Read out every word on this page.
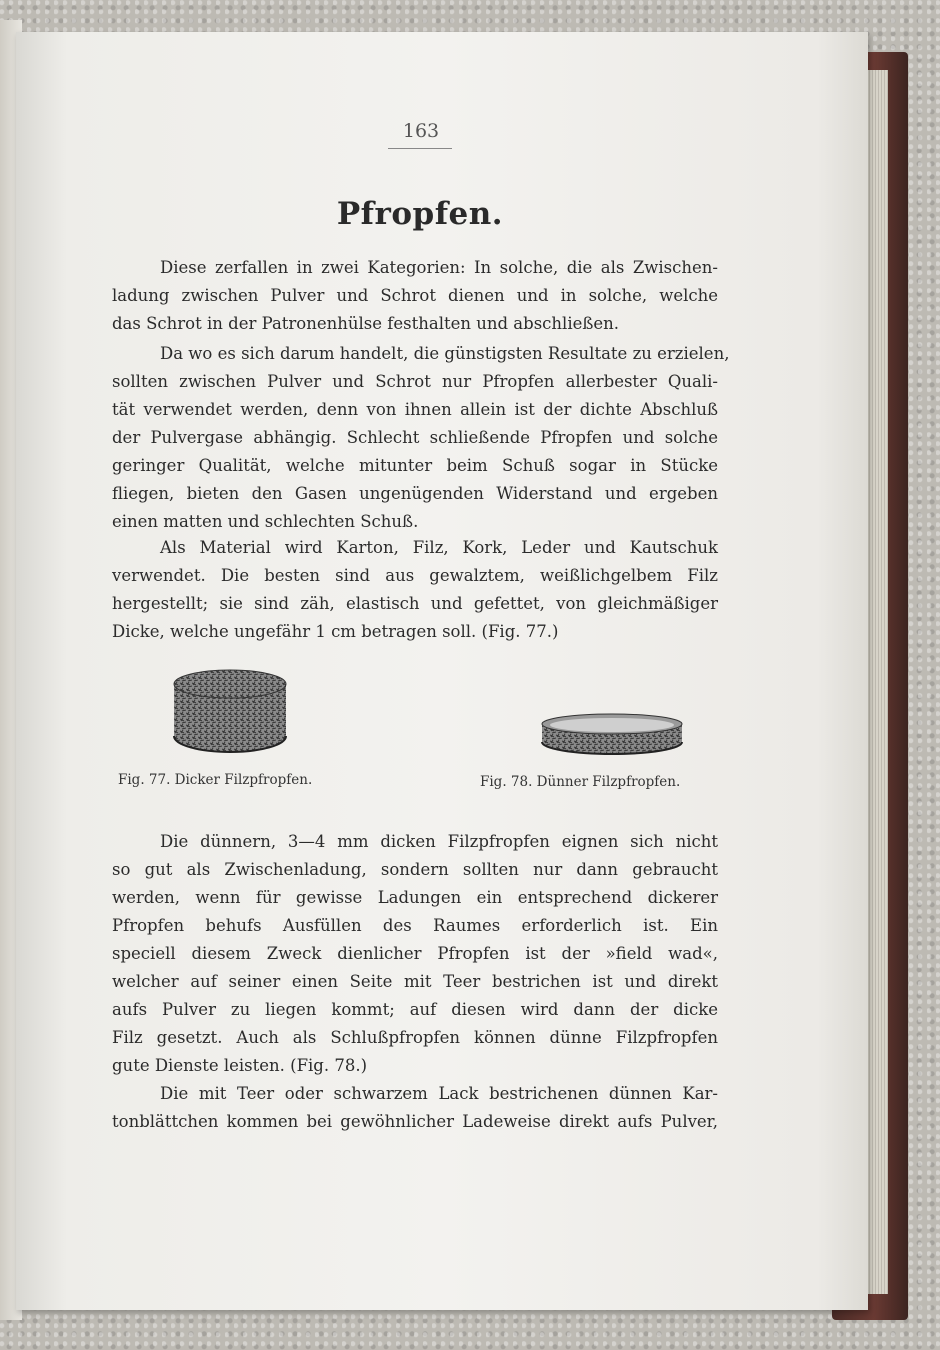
163
Pfropfen.
Diese zerfallen in zwei Kategorien: In solche, die als Zwischen-
ladung zwischen Pulver und Schrot dienen und in solche, welche
das Schrot in der Patronenhülse festhalten und abschließen.
Da wo es sich darum handelt, die günstigsten Resultate zu erzielen,
sollten zwischen Pulver und Schrot nur Pfropfen allerbester Quali-
tät verwendet werden, denn von ihnen allein ist der dichte Abschluß
der Pulvergase abhängig. Schlecht schließende Pfropfen und solche
geringer Qualität, welche mitunter beim Schuß sogar in Stücke
fliegen, bieten den Gasen ungenügenden Widerstand und ergeben
einen matten und schlechten Schuß.
Als Material wird Karton, Filz, Kork, Leder und Kautschuk
verwendet. Die besten sind aus gewalztem, weißlichgelbem Filz
hergestellt; sie sind zäh, elastisch und gefettet, von gleichmäßiger
Dicke, welche ungefähr 1 cm betragen soll. (Fig. 77.)
Fig. 77. Dicker Filzpfropfen.	Fig. 78. Dünner Filzpfropfen.
Die dünnern, 3—4 mm dicken Filzpfropfen eignen sich nicht
so gut als Zwischenladung, sondern sollten nur dann gebraucht
werden, wenn für gewisse Ladungen ein entsprechend dickerer
Pfropfen behufs Ausfüllen des Raumes erforderlich ist. Ein
speciell diesem Zweck dienlicher Pfropfen ist der »field wad«,
welcher auf seiner einen Seite mit Teer bestrichen ist und direkt
aufs Pulver zu liegen kommt; auf diesen wird dann der dicke
Filz gesetzt. Auch als Schlußpfropfen können dünne Filzpfropfen
gute Dienste leisten. (Fig. 78.)
Die mit Teer oder schwarzem Lack bestrichenen dünnen Kar-
tonblättchen kommen bei gewöhnlicher Ladeweise direkt aufs Pulver,
